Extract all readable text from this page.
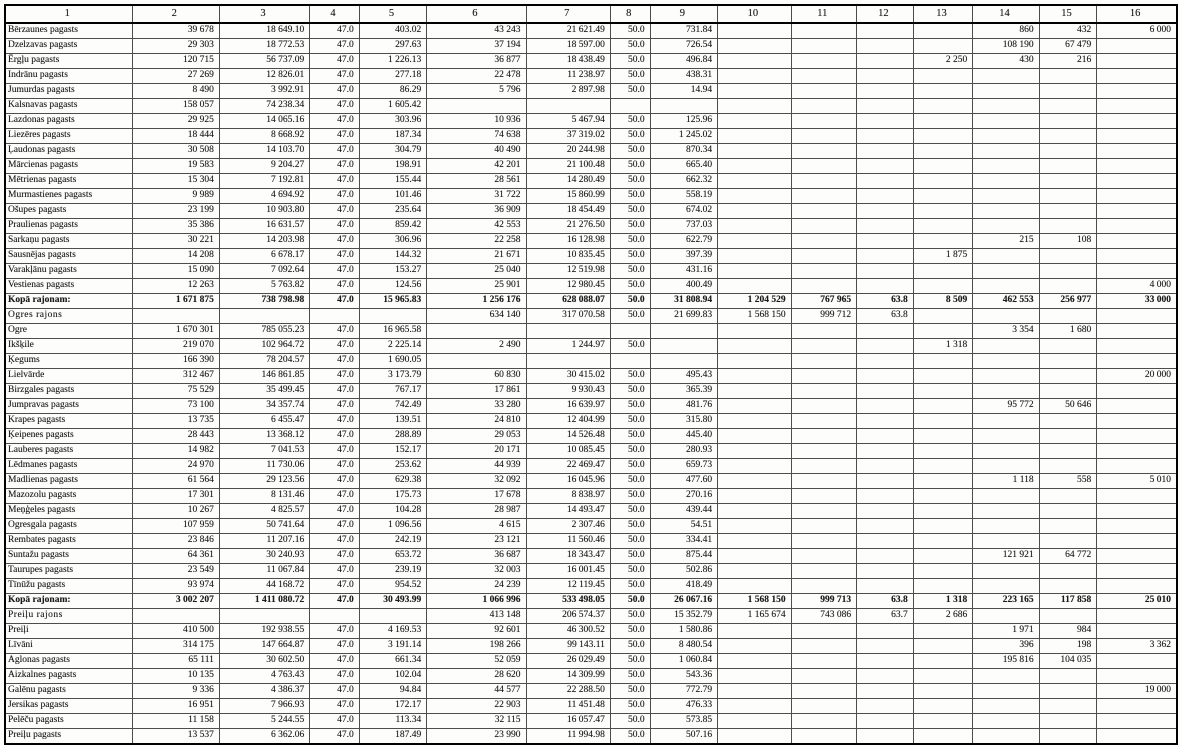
1	2	3	4	5	6	7	8	9	10	11	12	13	14	15	16
Bērzaunes pagasts	39 678	18 649.10	47.0	403.02	43 243	21 621.49	50.0	731.84					860	432	6 000
Dzelzavas pagasts	29 303	18 772.53	47.0	297.63	37 194	18 597.00	50.0	726.54					108 190	67 479	
Ērgļu pagasts	120 715	56 737.09	47.0	1 226.13	36 877	18 438.49	50.0	496.84				2 250	430	216	
Indrānu pagasts	27 269	12 826.01	47.0	277.18	22 478	11 238.97	50.0	438.31							
Jumurdas pagasts	8 490	3 992.91	47.0	86.29	5 796	2 897.98	50.0	14.94							
Kalsnavas pagasts	158 057	74 238.34	47.0	1 605.42											
Lazdonas pagasts	29 925	14 065.16	47.0	303.96	10 936	5 467.94	50.0	125.96							
Liezēres pagasts	18 444	8 668.92	47.0	187.34	74 638	37 319.02	50.0	1 245.02							
Ļaudonas pagasts	30 508	14 103.70	47.0	304.79	40 490	20 244.98	50.0	870.34							
Mārcienas pagasts	19 583	9 204.27	47.0	198.91	42 201	21 100.48	50.0	665.40							
Mētrienas pagasts	15 304	7 192.81	47.0	155.44	28 561	14 280.49	50.0	662.32							
Murmastienes pagasts	9 989	4 694.92	47.0	101.46	31 722	15 860.99	50.0	558.19							
Ošupes pagasts	23 199	10 903.80	47.0	235.64	36 909	18 454.49	50.0	674.02							
Praulienas pagasts	35 386	16 631.57	47.0	859.42	42 553	21 276.50	50.0	737.03							
Sarkaņu pagasts	30 221	14 203.98	47.0	306.96	22 258	16 128.98	50.0	622.79					215	108	
Sausnējas pagasts	14 208	6 678.17	47.0	144.32	21 671	10 835.45	50.0	397.39				1 875			
Varakļānu pagasts	15 090	7 092.64	47.0	153.27	25 040	12 519.98	50.0	431.16							
Vestienas pagasts	12 263	5 763.82	47.0	124.56	25 901	12 980.45	50.0	400.49							4 000
Kopā rajonam:	1 671 875	738 798.98	47.0	15 965.83	1 256 176	628 088.07	50.0	31 808.94	1 204 529	767 965	63.8	8 509	462 553	256 977	33 000
Ogres rajons					634 140	317 070.58	50.0	21 699.83	1 568 150	999 712	63.8				
Ogre	1 670 301	785 055.23	47.0	16 965.58									3 354	1 680	
Ikšķile	219 070	102 964.72	47.0	2 225.14	2 490	1 244.97	50.0					1 318			
Ķegums	166 390	78 204.57	47.0	1 690.05											
Lielvārde	312 467	146 861.85	47.0	3 173.79	60 830	30 415.02	50.0	495.43							20 000
Birzgales pagasts	75 529	35 499.45	47.0	767.17	17 861	9 930.43	50.0	365.39							
Jumpravas pagasts	73 100	34 357.74	47.0	742.49	33 280	16 639.97	50.0	481.76					95 772	50 646	
Krapes pagasts	13 735	6 455.47	47.0	139.51	24 810	12 404.99	50.0	315.80							
Ķeipenes pagasts	28 443	13 368.12	47.0	288.89	29 053	14 526.48	50.0	445.40							
Lauberes pagasts	14 982	7 041.53	47.0	152.17	20 171	10 085.45	50.0	280.93							
Lēdmanes pagasts	24 970	11 730.06	47.0	253.62	44 939	22 469.47	50.0	659.73							
Madlienas pagasts	61 564	29 123.56	47.0	629.38	32 092	16 045.96	50.0	477.60					1 118	558	5 010
Mazozolu pagasts	17 301	8 131.46	47.0	175.73	17 678	8 838.97	50.0	270.16							
Meņģeles pagasts	10 267	4 825.57	47.0	104.28	28 987	14 493.47	50.0	439.44							
Ogresgala pagasts	107 959	50 741.64	47.0	1 096.56	4 615	2 307.46	50.0	54.51							
Rembates pagasts	23 846	11 207.16	47.0	242.19	23 121	11 560.46	50.0	334.41							
Suntažu pagasts	64 361	30 240.93	47.0	653.72	36 687	18 343.47	50.0	875.44					121 921	64 772	
Taurupes pagasts	23 549	11 067.84	47.0	239.19	32 003	16 001.45	50.0	502.86							
Tīnūžu pagasts	93 974	44 168.72	47.0	954.52	24 239	12 119.45	50.0	418.49							
Kopā rajonam:	3 002 207	1 411 080.72	47.0	30 493.99	1 066 996	533 498.05	50.0	26 067.16	1 568 150	999 713	63.8	1 318	223 165	117 858	25 010
Preiļu rajons					413 148	206 574.37	50.0	15 352.79	1 165 674	743 086	63.7	2 686			
Preiļi	410 500	192 938.55	47.0	4 169.53	92 601	46 300.52	50.0	1 580.86					1 971	984	
Līvāni	314 175	147 664.87	47.0	3 191.14	198 266	99 143.11	50.0	8 480.54					396	198	3 362
Aglonas pagasts	65 111	30 602.50	47.0	661.34	52 059	26 029.49	50.0	1 060.84					195 816	104 035	
Aizkalnes pagasts	10 135	4 763.43	47.0	102.04	28 620	14 309.99	50.0	543.36							
Galēnu pagasts	9 336	4 386.37	47.0	94.84	44 577	22 288.50	50.0	772.79							19 000
Jersikas pagasts	16 951	7 966.93	47.0	172.17	22 903	11 451.48	50.0	476.33							
Pelēču pagasts	11 158	5 244.55	47.0	113.34	32 115	16 057.47	50.0	573.85							
Preiļu pagasts	13 537	6 362.06	47.0	187.49	23 990	11 994.98	50.0	507.16							
